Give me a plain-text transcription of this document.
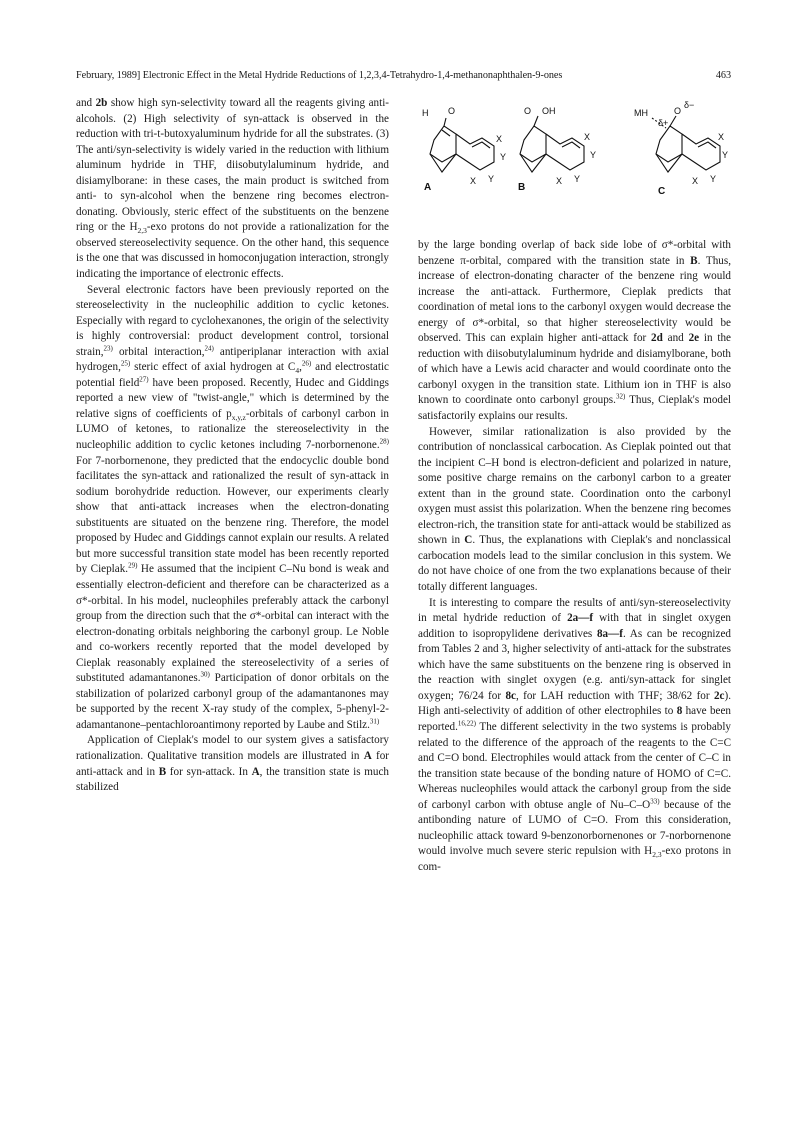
February, 1989] Electronic Effect in the Metal Hydride Reductions of 1,2,3,4-Tetrahydro-1,4-methanonaphthalen-9-ones	463

and 2b show high syn-selectivity toward all the reagents giving anti-alcohols. (2) High selectivity of syn-attack is observed in the reduction with tri-t-butoxyaluminum hydride for all the substrates. (3) The anti/syn-selectivity is widely varied in the reduction with lithium aluminum hydride in THF, diisobutylaluminum hydride, and disiamylborane: in these cases, the main product is switched from anti- to syn-alcohol when the benzene ring becomes electron-donating. Obviously, steric effect of the substituents on the benzene ring or the $H_{2,3}$-exo protons do not provide a rationalization for the observed stereoselectivity sequence. On the other hand, this sequence is the one that was discussed in homoconjugation interaction, strongly indicating the importance of electronic effects.

Several electronic factors have been previously reported on the stereoselectivity in the nucleophilic addition to cyclic ketones. Especially with regard to cyclohexanones, the origin of the selectivity is highly controversial: product development control, torsional strain,$^{23)}$ orbital interaction,$^{24)}$ antiperiplanar interaction with axial hydrogen,$^{25)}$ steric effect of axial hydrogen at $C_4,^{26)}$ and electrostatic potential field$^{27)}$ have been proposed. Recently, Hudec and Giddings reported a new view of "twist-angle," which is determined by the relative signs of coefficients of $p_{x,y,z}$-orbitals of carbonyl carbon in LUMO of ketones, to rationalize the stereoselectivity in the nucleophilic addition to cyclic ketones including 7-norbornenone.$^{28)}$ For 7-norbornenone, they predicted that the endocyclic double bond facilitates the syn-attack and rationalized the result of syn-attack in sodium borohydride reduction. However, our experiments clearly show that anti-attack increases when the electron-donating substituents are situated on the benzene ring. Therefore, the model proposed by Hudec and Giddings cannot explain our results. A related but more successful transition state model has been recently reported by Cieplak.$^{29)}$ He assumed that the incipient C–Nu bond is weak and essentially electron-deficient and therefore can be characterized as a σ*-orbital. In his model, nucleophiles preferably attack the carbonyl group from the direction such that the σ*-orbital can interact with the electron-donating orbitals neighboring the carbonyl group. Le Noble and co-workers recently reported that the model developed by Cieplak reasonably explained the stereoselectivity of a series of substituted adamantanones.$^{30)}$ Participation of donor orbitals on the stabilization of polarized carbonyl group of the adamantanones may be supported by the recent X-ray study of the complex, 5-phenyl-2-adamantanone–pentachloroantimony reported by Laube and Stilz.$^{31)}$

Application of Cieplak's model to our system gives a satisfactory rationalization. Qualitative transition models are illustrated in A for anti-attack and in B for syn-attack. In A, the transition state is much stabilized

H O
X
Y
X Y
A
O OH
X
Y
X Y
B
MH
δ+
O
δ−
X
Y
X Y
C

by the large bonding overlap of back side lobe of σ*-orbital with benzene π-orbital, compared with the transition state in B. Thus, increase of electron-donating character of the benzene ring would increase the anti-attack. Furthermore, Cieplak predicts that coordination of metal ions to the carbonyl oxygen would decrease the energy of σ*-orbital, so that higher stereoselectivity would be observed. This can explain higher anti-attack for 2d and 2e in the reduction with diisobutylaluminum hydride and disiamylborane, both of which have a Lewis acid character and would coordinate onto the carbonyl oxygen in the transition state. Lithium ion in THF is also known to coordinate onto carbonyl groups.$^{32)}$ Thus, Cieplak's model satisfactorily explains our results.

However, similar rationalization is also provided by the contribution of nonclassical carbocation. As Cieplak pointed out that the incipient C–H bond is electron-deficient and polarized in nature, some positive charge remains on the carbonyl carbon to a greater extent than in the ground state. Coordination onto the carbonyl oxygen must assist this polarization. When the benzene ring becomes electron-rich, the transition state for anti-attack would be stabilized as shown in C. Thus, the explanations with Cieplak's and nonclassical carbocation models lead to the similar conclusion in this system. We do not have choice of one from the two explanations because of their totally different languages.

It is interesting to compare the results of anti/syn-stereoselectivity in metal hydride reduction of 2a—f with that in singlet oxygen addition to isopropylidene derivatives 8a—f. As can be recognized from Tables 2 and 3, higher selectivity of anti-attack for the substrates which have the same substituents on the benzene ring is observed in the reaction with singlet oxygen (e.g. anti/syn-attack for singlet oxygen; 76/24 for 8c, for LAH reduction with THF; 38/62 for 2c). High anti-selectivity of addition of other electrophiles to 8 have been reported.$^{16,22)}$ The different selectivity in the two systems is probably related to the difference of the approach of the reagents to the C=C and C=O bond. Electrophiles would attack from the center of C–C in the transition state because of the bonding nature of HOMO of C=C. Whereas nucleophiles would attack the carbonyl group from the side of carbonyl carbon with obtuse angle of $Nu-C-O^{33)}$ because of the antibonding nature of LUMO of C=O. From this consideration, nucleophilic attack toward 9-benzonorbornenones or 7-norbornenone would involve much severe steric repulsion with $H_{2,3}$-exo protons in com-
